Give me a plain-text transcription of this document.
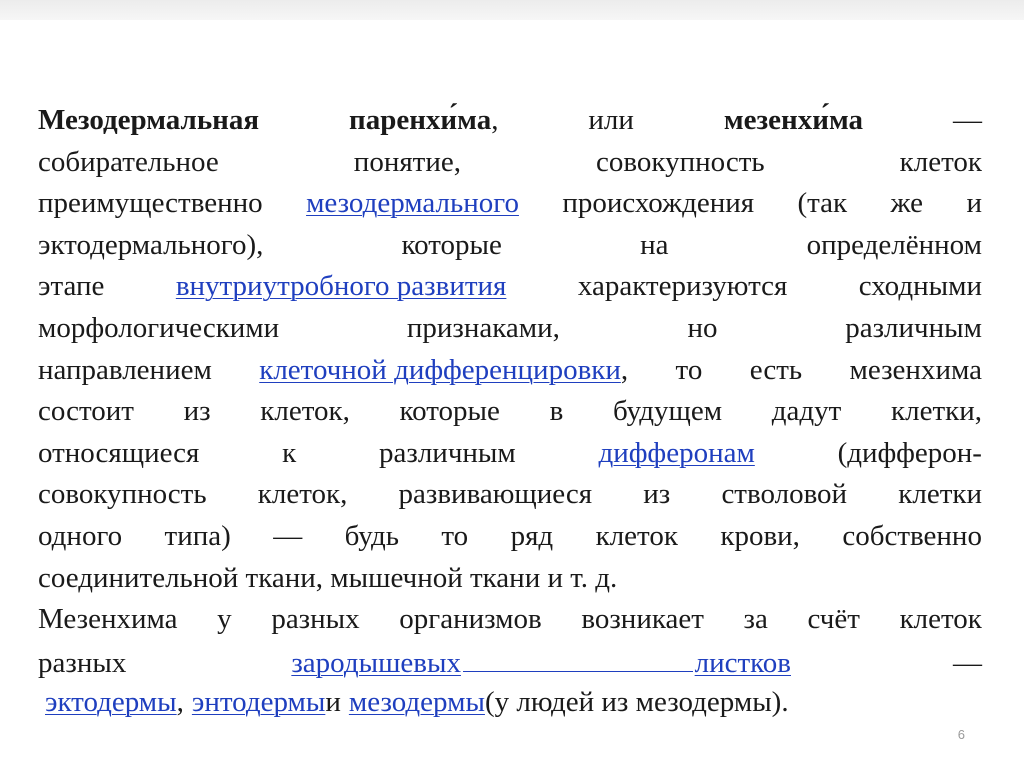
Мезодермальная	паренхи́ма,	или	мезенхи́ма	—
собирательное	понятие,	совокупность	клеток
преимущественно мезодермального происхождения (так же и
эктодермального),	которые	на	определённом
этапе внутриутробного развития характеризуются сходными
морфологическими	признаками,	но	различным
направлением клеточной дифференцировки, то есть мезенхима
состоит из клеток, которые в будущем дадут клетки,
относящиеся	к	различным	дифферонам	(дифферон-
совокупность клеток, развивающиеся из стволовой клетки
одного типа) — будь то ряд клеток крови, собственно
соединительной ткани, мышечной ткани и т. д.
Мезенхима у разных организмов возникает за счёт клеток
разных	зародышевых	листков	—
эктодермы, энтодермы и мезодермы (у людей из мезодермы).
6
